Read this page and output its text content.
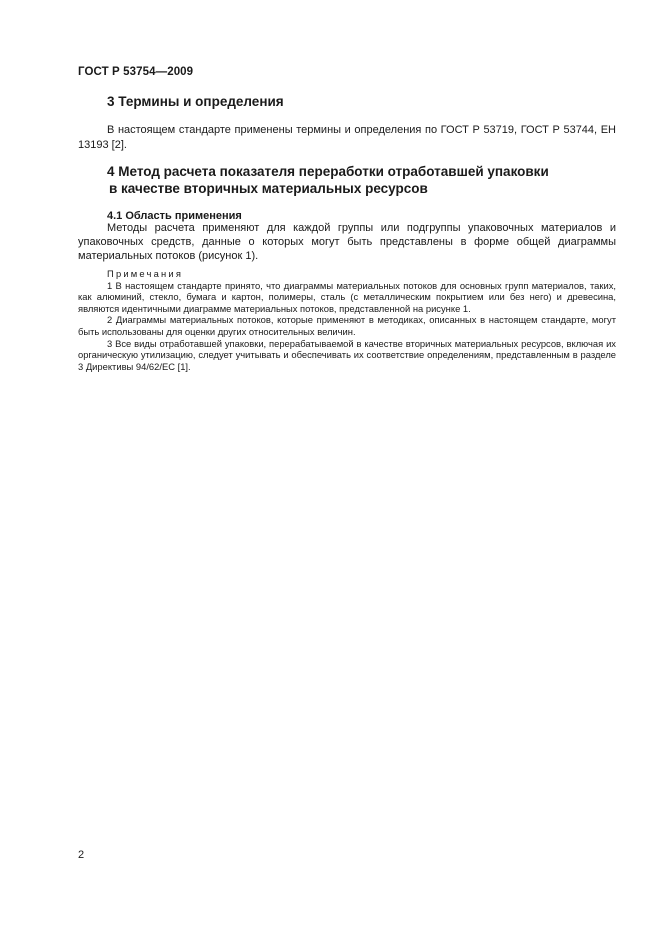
ГОСТ Р 53754—2009
3 Термины и определения
В настоящем стандарте применены термины и определения по ГОСТ Р 53719, ГОСТ Р 53744, ЕН 13193 [2].
4 Метод расчета показателя переработки отработавшей упаковки
в качестве вторичных материальных ресурсов
4.1 Область применения
Методы расчета применяют для каждой группы или подгруппы упаковочных материалов и упаковочных средств, данные о которых могут быть представлены в форме общей диаграммы материальных потоков (рисунок 1).
Примечания
1 В настоящем стандарте принято, что диаграммы материальных потоков для основных групп материалов, таких, как алюминий, стекло, бумага и картон, полимеры, сталь (с металлическим покрытием или без него) и древесина, являются идентичными диаграмме материальных потоков, представленной на рисунке 1.
2 Диаграммы материальных потоков, которые применяют в методиках, описанных в настоящем стандарте, могут быть использованы для оценки других относительных величин.
3 Все виды отработавшей упаковки, перерабатываемой в качестве вторичных материальных ресурсов, включая их органическую утилизацию, следует учитывать и обеспечивать их соответствие определениям, представленным в разделе 3 Директивы 94/62/ЕС [1].
2
